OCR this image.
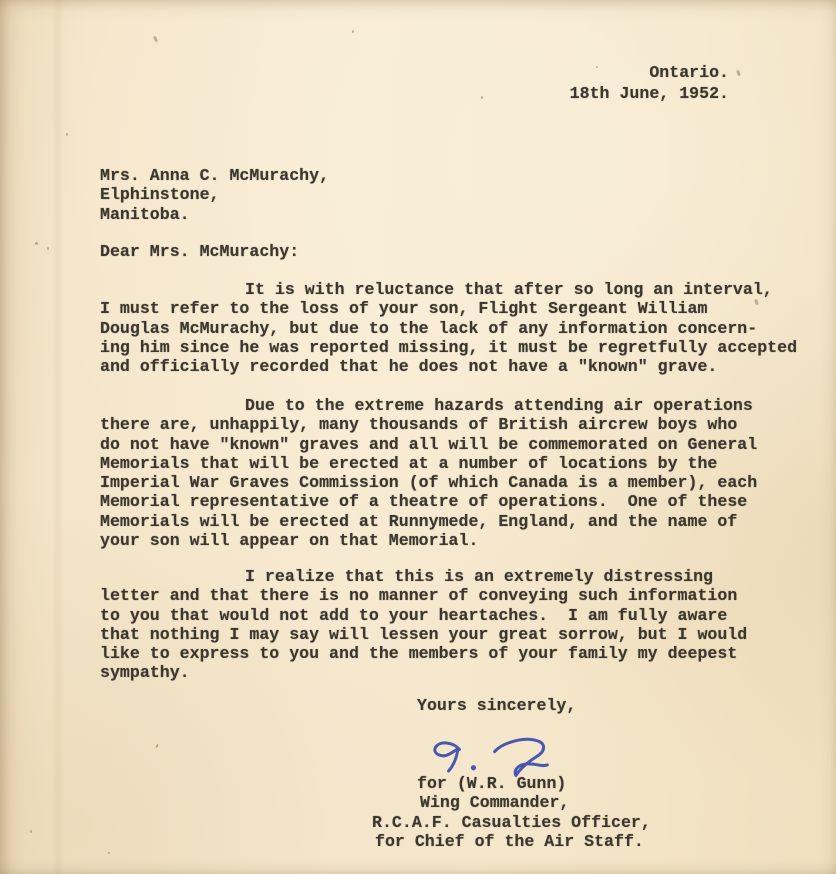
Ontario.
18th June, 1952.
Mrs. Anna C. McMurachy,
Elphinstone,
Manitoba.
Dear Mrs. McMurachy:
It is with reluctance that after so long an interval,
I must refer to the loss of your son, Flight Sergeant William
Douglas McMurachy, but due to the lack of any information concern-
ing him since he was reported missing, it must be regretfully accepted
and officially recorded that he does not have a "known" grave.
Due to the extreme hazards attending air operations
there are, unhappily, many thousands of British aircrew boys who
do not have "known" graves and all will be commemorated on General
Memorials that will be erected at a number of locations by the
Imperial War Graves Commission (of which Canada is a member), each
Memorial representative of a theatre of operations.  One of these
Memorials will be erected at Runnymede, England, and the name of
your son will appear on that Memorial.
I realize that this is an extremely distressing
letter and that there is no manner of conveying such information
to you that would not add to your heartaches.  I am fully aware
that nothing I may say will lessen your great sorrow, but I would
like to express to you and the members of your family my deepest
sympathy.
Yours sincerely,
for (W.R. Gunn)
Wing Commander,
R.C.A.F. Casualties Officer,
for Chief of the Air Staff.
